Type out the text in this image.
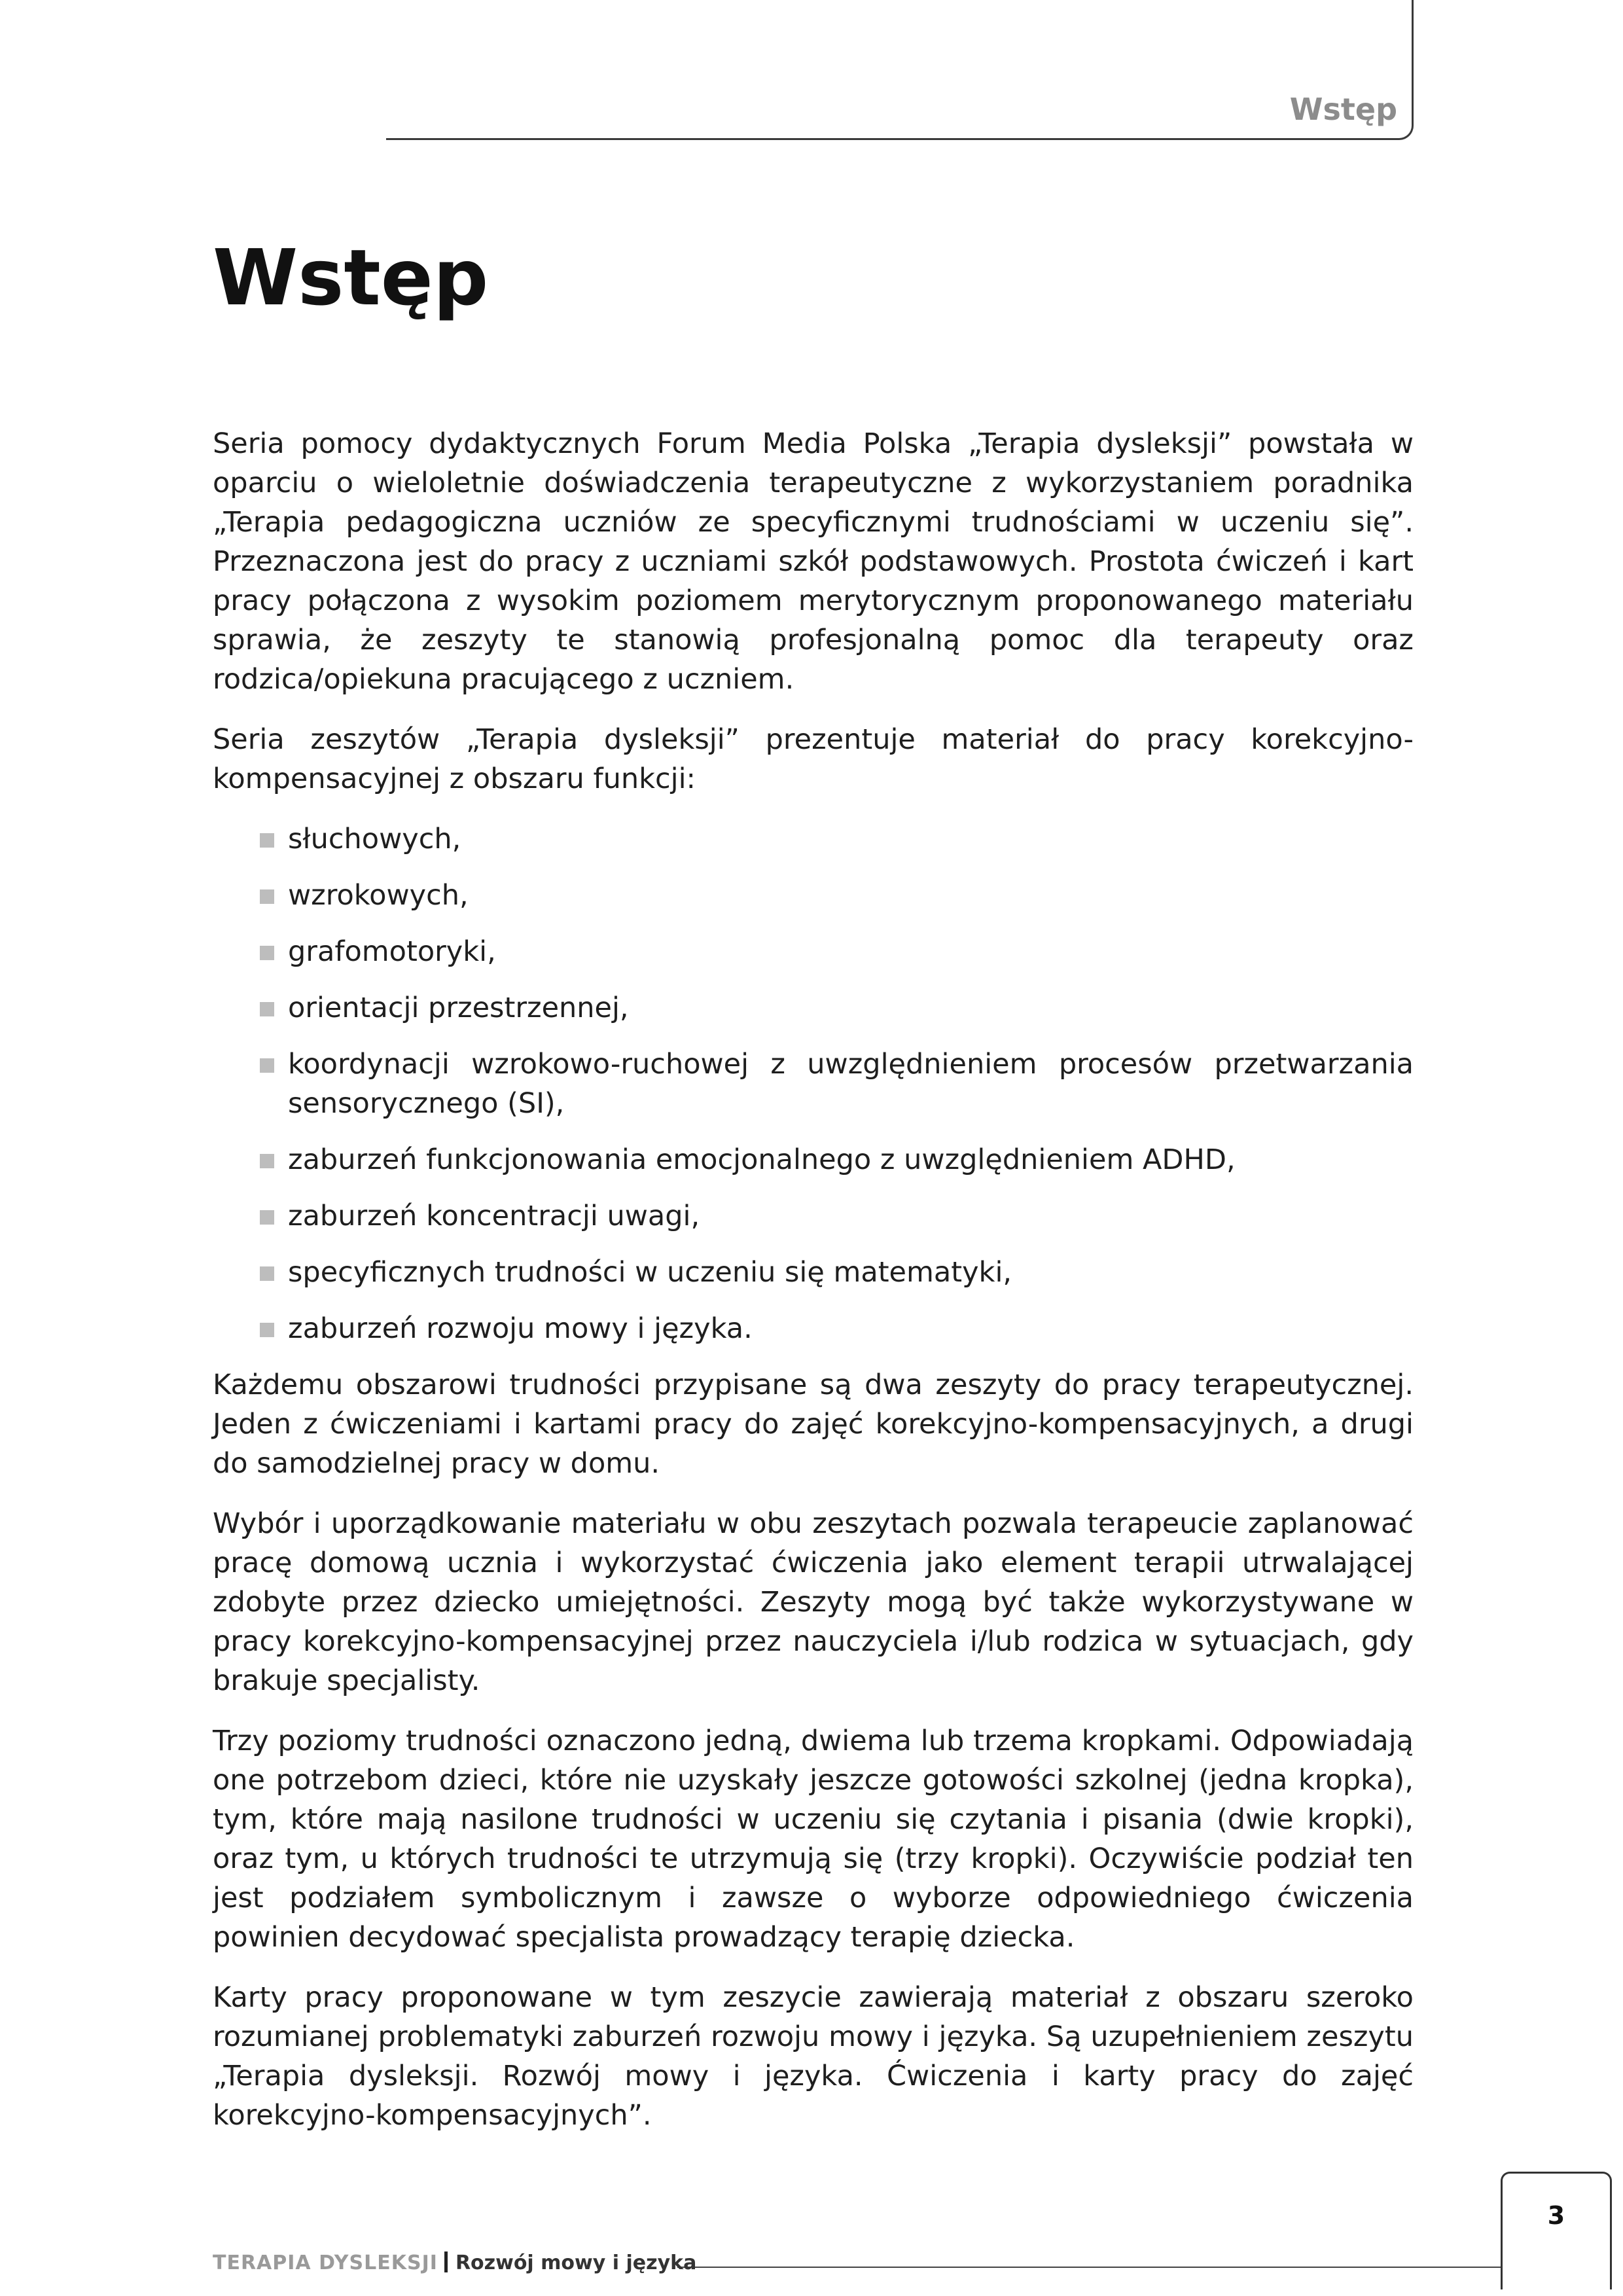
Wstęp
Wstęp

Seria pomocy dydaktycznych Forum Media Polska „Terapia dysleksji” powstała w oparciu o wieloletnie doświadczenia terapeutyczne z wykorzystaniem poradnika „Terapia pedagogiczna uczniów ze specyficznymi trudnościami w uczeniu się”. Przeznaczona jest do pracy z uczniami szkół podstawowych. Prostota ćwiczeń i kart pracy połączona z wysokim poziomem merytorycznym proponowanego materiału sprawia, że zeszyty te stanowią profesjonalną pomoc dla terapeuty oraz rodzica/opiekuna pracującego z uczniem.

Seria zeszytów „Terapia dysleksji” prezentuje materiał do pracy korekcyjno-kompensacyjnej z obszaru funkcji:

słuchowych,
wzrokowych,
grafomotoryki,
orientacji przestrzennej,
koordynacji wzrokowo-ruchowej z uwzględnieniem procesów przetwarzania sensorycznego (SI),
zaburzeń funkcjonowania emocjonalnego z uwzględnieniem ADHD,
zaburzeń koncentracji uwagi,
specyficznych trudności w uczeniu się matematyki,
zaburzeń rozwoju mowy i języka.

Każdemu obszarowi trudności przypisane są dwa zeszyty do pracy terapeutycznej. Jeden z ćwiczeniami i kartami pracy do zajęć korekcyjno-kompensacyjnych, a drugi do samodzielnej pracy w domu.

Wybór i uporządkowanie materiału w obu zeszytach pozwala terapeucie zaplanować pracę domową ucznia i wykorzystać ćwiczenia jako element terapii utrwalającej zdobyte przez dziecko umiejętności. Zeszyty mogą być także wykorzystywane w pracy korekcyjno-kompensacyjnej przez nauczyciela i/lub rodzica w sytuacjach, gdy brakuje specjalisty.

Trzy poziomy trudności oznaczono jedną, dwiema lub trzema kropkami. Odpowiadają one potrzebom dzieci, które nie uzyskały jeszcze gotowości szkolnej (jedna kropka), tym, które mają nasilone trudności w uczeniu się czytania i pisania (dwie kropki), oraz tym, u których trudności te utrzymują się (trzy kropki). Oczywiście podział ten jest podziałem symbolicznym i zawsze o wyborze odpowiedniego ćwiczenia powinien decydować specjalista prowadzący terapię dziecka.

Karty pracy proponowane w tym zeszycie zawierają materiał z obszaru szeroko rozumianej problematyki zaburzeń rozwoju mowy i języka. Są uzupełnieniem zeszytu „Terapia dysleksji. Rozwój mowy i języka. Ćwiczenia i karty pracy do zajęć korekcyjno-kompensacyjnych”.

TERAPIA DYSLEKSJI Rozwój mowy i języka
3
